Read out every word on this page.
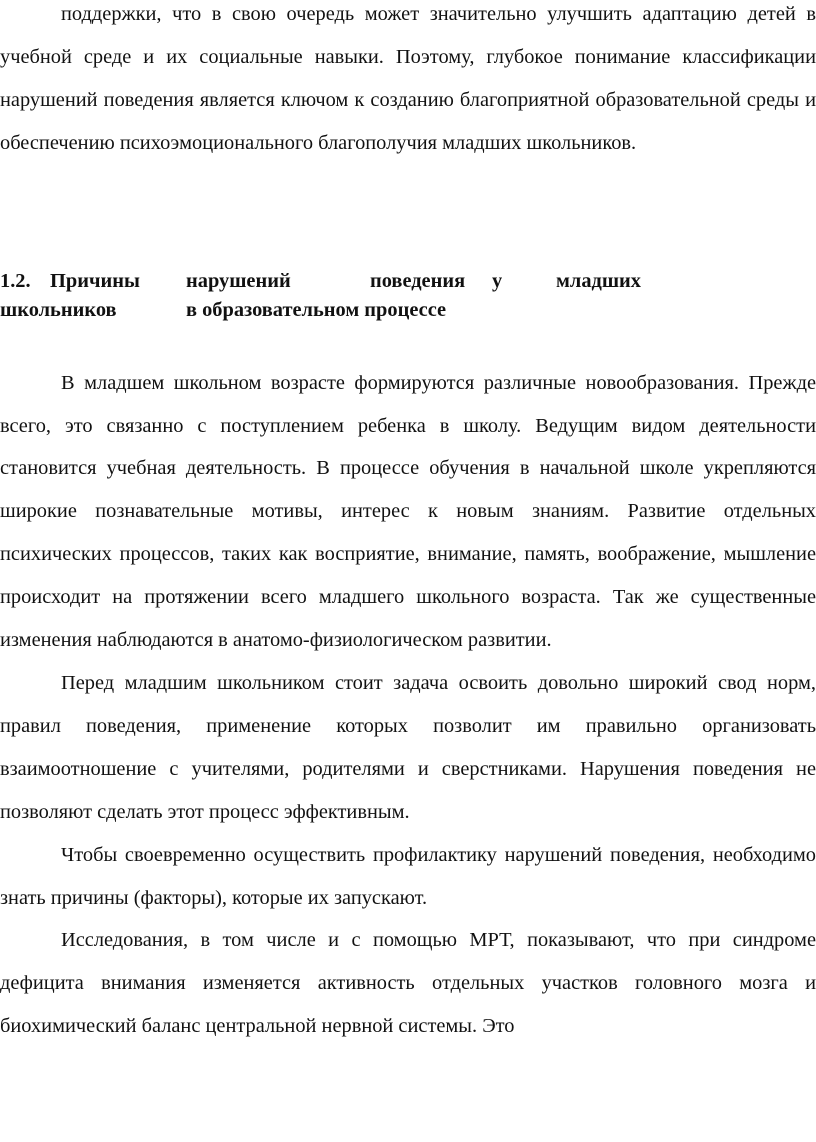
поддержки, что в свою очередь может значительно улучшить адаптацию детей в учебной среде и их социальные навыки. Поэтому, глубокое понимание классификации нарушений поведения является ключом к созданию благоприятной образовательной среды и обеспечению психоэмоционального благополучия младших школьников.

1.2. Причины нарушений	поведения у	младших
школьников	в образовательном процессе

В младшем школьном возрасте формируются различные новообразования. Прежде всего, это связанно с поступлением ребенка в школу. Ведущим видом деятельности становится учебная деятельность. В процессе обучения в начальной школе укрепляются широкие познавательные мотивы, интерес к новым знаниям. Развитие отдельных психических процессов, таких как восприятие, внимание, память, воображение, мышление происходит на протяжении всего младшего школьного возраста. Так же существенные изменения наблюдаются в анатомо-физиологическом развитии.

Перед младшим школьником стоит задача освоить довольно широкий свод норм, правил поведения, применение которых позволит им правильно организовать взаимоотношение с учителями, родителями и сверстниками. Нарушения поведения не позволяют сделать этот процесс эффективным.

Чтобы своевременно осуществить профилактику нарушений поведения, необходимо знать причины (факторы), которые их запускают.

Исследования, в том числе и с помощью МРТ, показывают, что при синдроме дефицита внимания изменяется активность отдельных участков головного мозга и биохимический баланс центральной нервной системы. Это
